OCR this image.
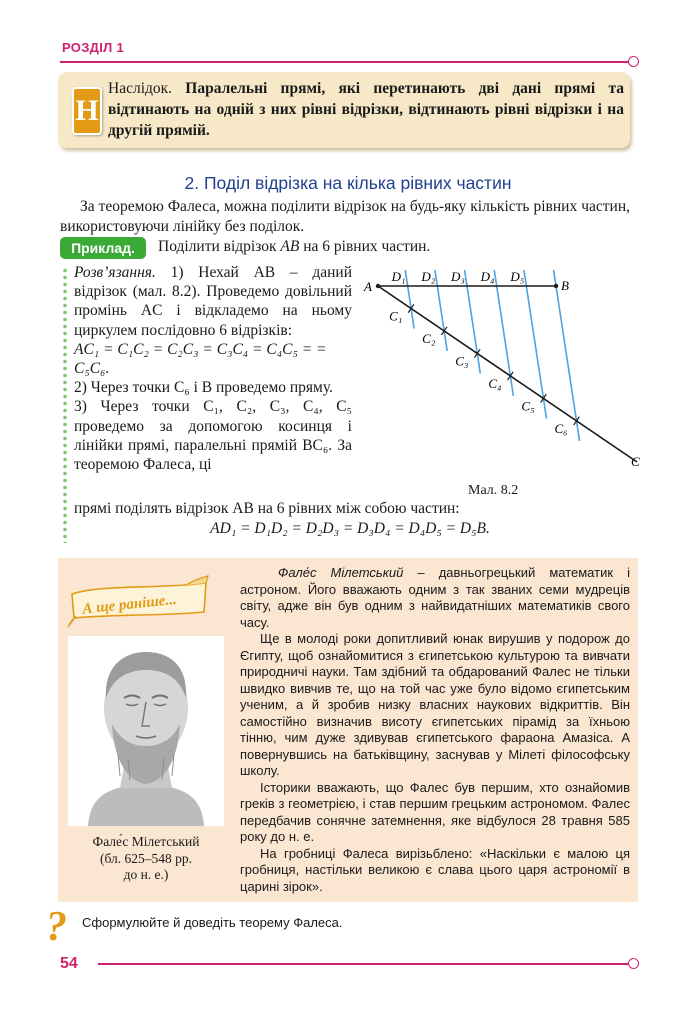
РОЗДІЛ 1
Н
Наслідок. Паралельні прямі, які перетинають дві дані прямі та відтинають на одній з них рівні відрізки, відтинають рівні відрізки і на другій прямій.
2. Поділ відрізка на кілька рівних частин
За теоремою Фалеса, можна поділити відрізок на будь-яку кількість рівних частин, використовуючи лінійку без поділок.
Приклад.	Поділити відрізок AB на 6 рівних частин.

Розв’язання. 1) Нехай AB – даний відрізок (мал. 8.2). Проведемо довільний промінь AC і відкладемо на ньому циркулем послідовно 6 відрізків:

AC₁ = C₁C₂ = C₂C₃ = C₃C₄ = C₄C₅ = = C₅C₆.

2) Через точки C₆ і B проведемо пряму.

3) Через точки C₁, C₂, C₃, C₄, C₅ проведемо за допомогою косинця і лінійки прямі, паралельні прямій BC₆. За теоремою Фалеса, ці

прямі поділять відрізок AB на 6 рівних між собою частин:
AD₁ = D₁D₂ = D₂D₃ = D₃D₄ = D₄D₅ = D₅B.
A	B
C
D₁ D₂ D₃ D₄ D₅
C₁
C₂
C₃
C₄
C₅
C₆
Мал. 8.2
А ще раніше...
Фале́с Мілетський
(бл. 625–548 рр.
до н. е.)

Фале́с Мілетський – давньогрецький математик і астроном. Його вважають одним з так званих семи мудреців світу, адже він був одним з найвидатніших математиків свого часу.

Ще в молоді роки допитливий юнак вирушив у подорож до Єгипту, щоб ознайомитися з єгипетською культурою та вивчати природничі науки. Там здібний та обдарований Фалес не тільки швидко вивчив те, що на той час уже було відомо єгипетським ученим, а й зробив низку власних наукових відкриттів. Він самостійно визначив висоту єгипетських пірамід за їхньою тінню, чим дуже здивував єгипетського фараона Амазіса. А повернувшись на батьківщину, заснував у Мілеті філософську школу.

Історики вважають, що Фалес був першим, хто ознайомив греків з геометрією, і став першим грецьким астрономом. Фалес передбачив сонячне затемнення, яке відбулося 28 травня 585 року до н. е.

На гробниці Фалеса вирізьблено: «Наскільки є малою ця гробниця, настільки великою є слава цього царя астрономії в царині зірок».

? Сформулюйте й доведіть теорему Фалеса.
54
